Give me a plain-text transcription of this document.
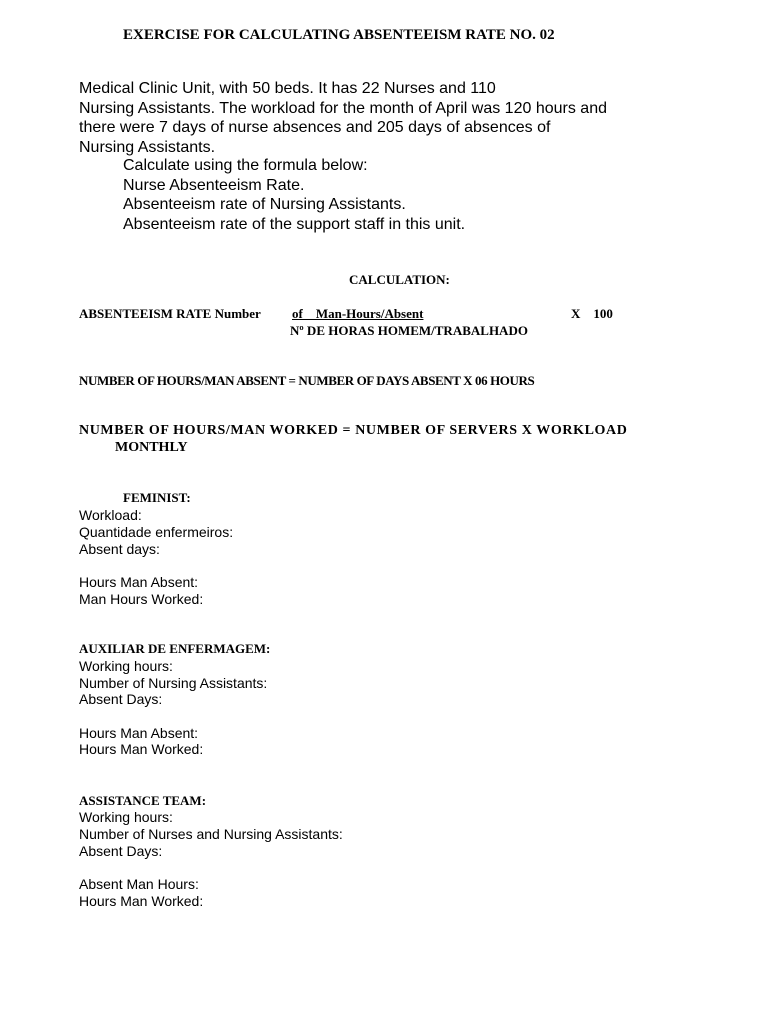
EXERCISE FOR CALCULATING ABSENTEEISM RATE NO. 02
Medical Clinic Unit, with 50 beds. It has 22 Nurses and 110
Nursing Assistants. The workload for the month of April was 120 hours and
there were 7 days of nurse absences and 205 days of absences of
Nursing Assistants.
Calculate using the formula below:
Nurse Absenteeism Rate.
Absenteeism rate of Nursing Assistants.
Absenteeism rate of the support staff in this unit.
CALCULATION:
ABSENTEEISM RATE Number of    Man-Hours/Absent	X    100
Nº DE HORAS HOMEM/TRABALHADO
NUMBER OF HOURS/MAN ABSENT = NUMBER OF DAYS ABSENT X 06 HOURS
NUMBER OF HOURS/MAN WORKED = NUMBER OF SERVERS X WORKLOAD
MONTHLY
FEMINIST:
Workload:
Quantidade enfermeiros:
Absent days:
Hours Man Absent:
Man Hours Worked:
AUXILIAR DE ENFERMAGEM:
Working hours:
Number of Nursing Assistants:
Absent Days:
Hours Man Absent:
Hours Man Worked:
ASSISTANCE TEAM:
Working hours:
Number of Nurses and Nursing Assistants:
Absent Days:
Absent Man Hours:
Hours Man Worked:
